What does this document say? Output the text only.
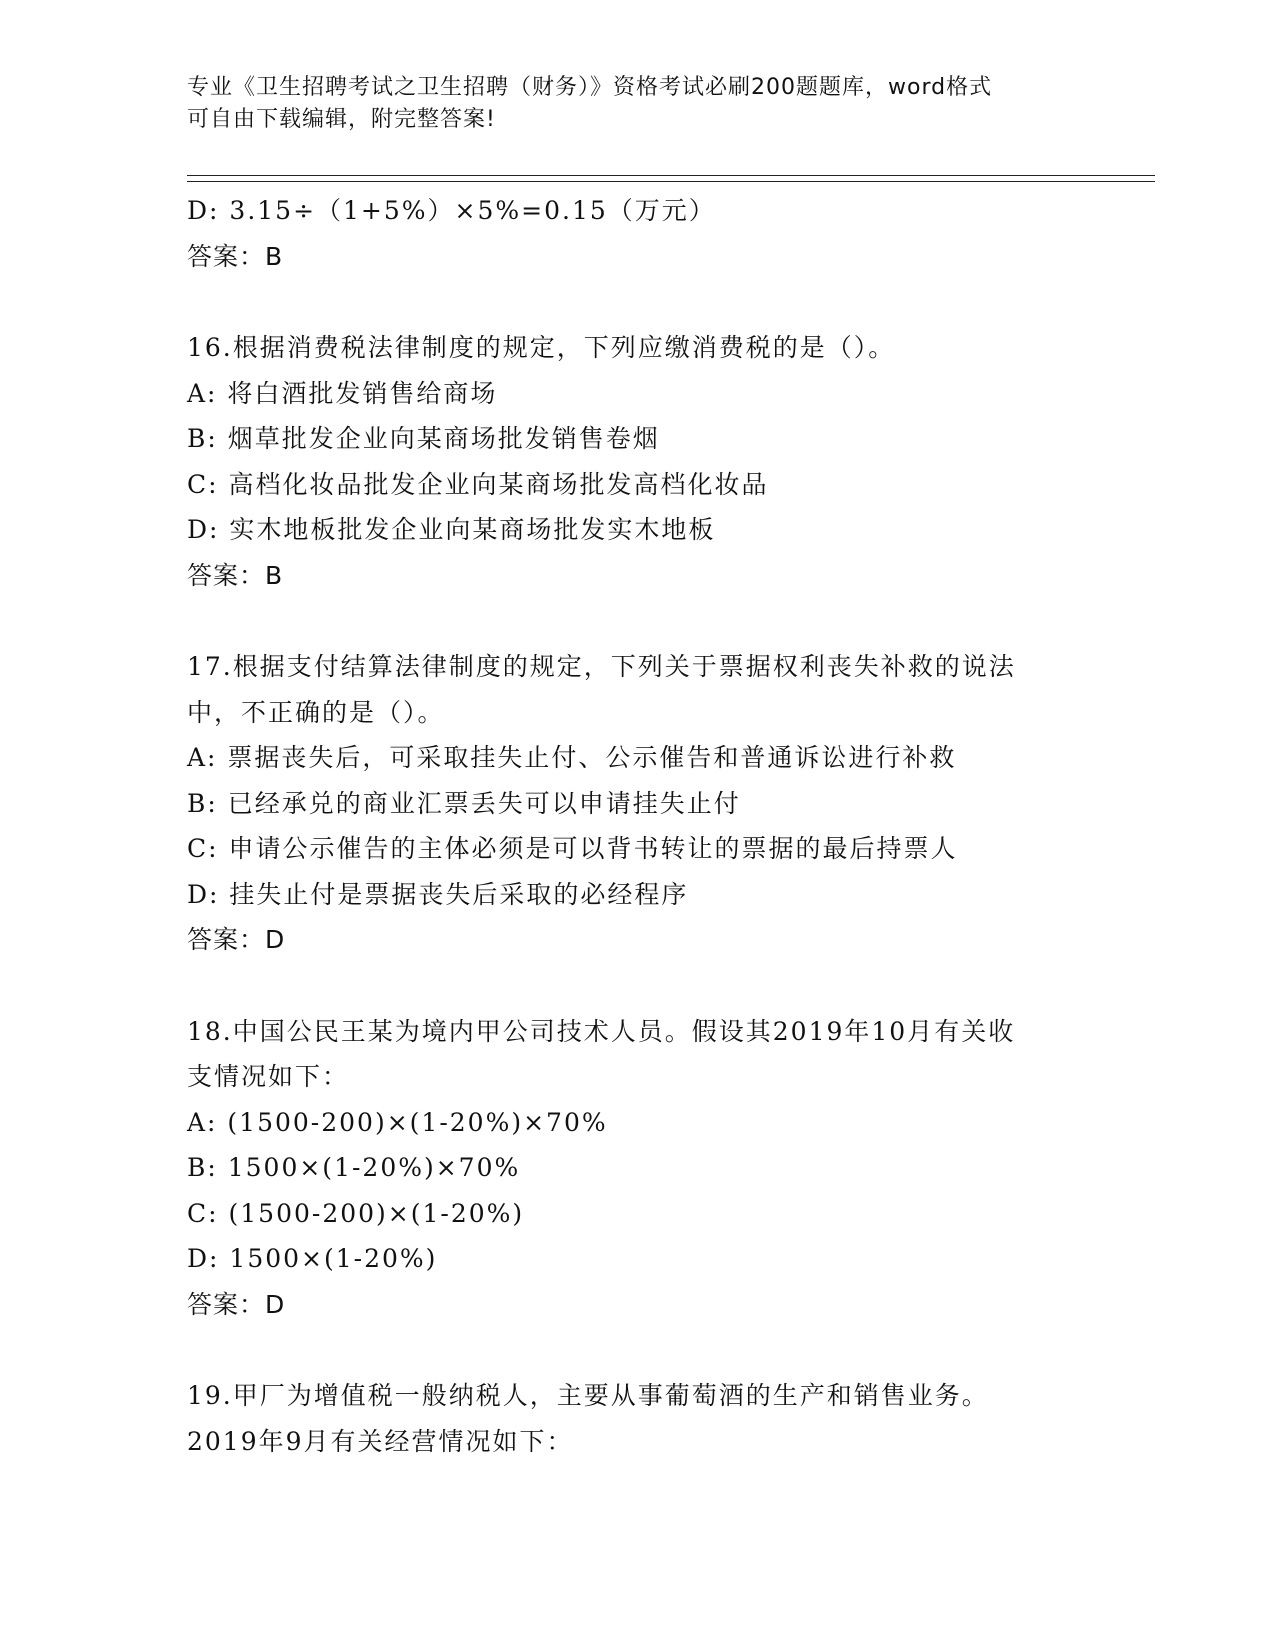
专业《卫生招聘考试之卫生招聘（财务）》资格考试必刷200题题库，word格式
可自由下载编辑，附完整答案!
D: 3.15÷（1+5%）×5%=0.15（万元）
答案：B
16.根据消费税法律制度的规定，下列应缴消费税的是（）。
A: 将白酒批发销售给商场
B: 烟草批发企业向某商场批发销售卷烟
C: 高档化妆品批发企业向某商场批发高档化妆品
D: 实木地板批发企业向某商场批发实木地板
答案：B
17.根据支付结算法律制度的规定，下列关于票据权利丧失补救的说法
中，不正确的是（）。
A: 票据丧失后，可采取挂失止付、公示催告和普通诉讼进行补救
B: 已经承兑的商业汇票丢失可以申请挂失止付
C: 申请公示催告的主体必须是可以背书转让的票据的最后持票人
D: 挂失止付是票据丧失后采取的必经程序
答案：D
18.中国公民王某为境内甲公司技术人员。假设其2019年10月有关收
支情况如下：
A: (1500-200)×(1-20%)×70%
B: 1500×(1-20%)×70%
C: (1500-200)×(1-20%)
D: 1500×(1-20%)
答案：D
19.甲厂为增值税一般纳税人，主要从事葡萄酒的生产和销售业务。
2019年9月有关经营情况如下：
